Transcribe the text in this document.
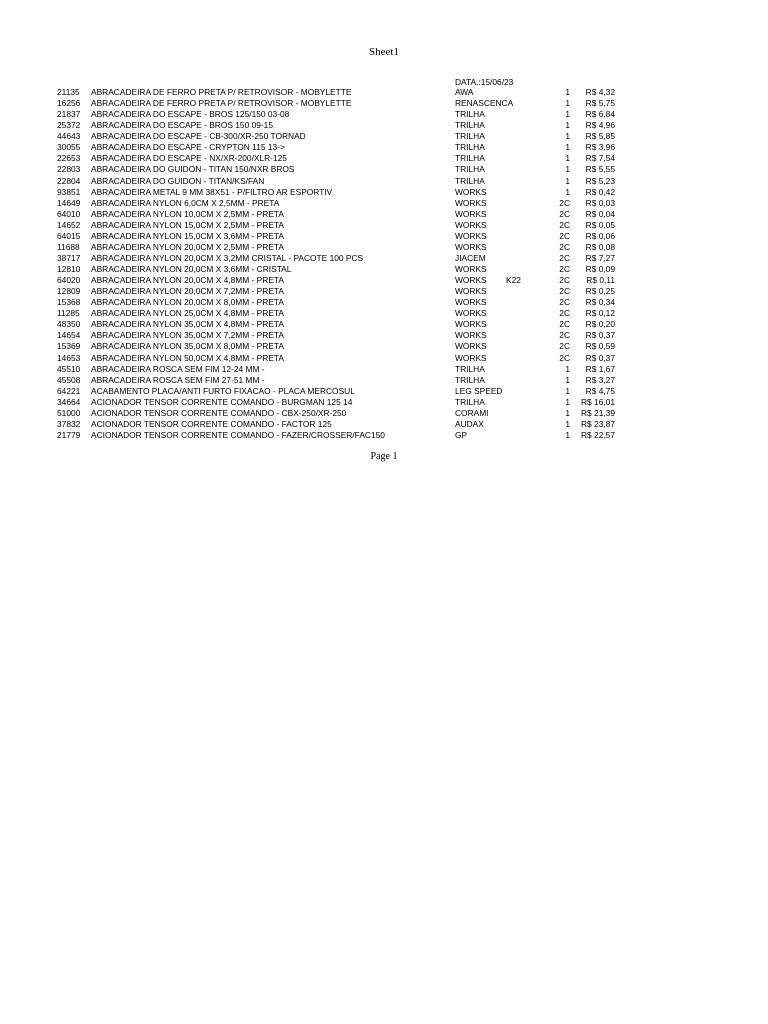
Sheet1
DATA.:15/06/23
21135 ABRACADEIRA DE FERRO PRETA P/ RETROVISOR - MOBYLETTE	AWA	1	R$ 4,32
16256 ABRACADEIRA DE FERRO PRETA P/ RETROVISOR - MOBYLETTE	RENASCENCA	1	R$ 5,75
21837 ABRACADEIRA DO ESCAPE - BROS 125/150 03-08	TRILHA	1	R$ 6,84
25372 ABRACADEIRA DO ESCAPE - BROS 150 09-15	TRILHA	1	R$ 4,96
44643 ABRACADEIRA DO ESCAPE - CB-300/XR-250 TORNAD	TRILHA	1	R$ 5,85
30055 ABRACADEIRA DO ESCAPE - CRYPTON 115 13->	TRILHA	1	R$ 3,96
22653 ABRACADEIRA DO ESCAPE - NX/XR-200/XLR-125	TRILHA	1	R$ 7,54
22803 ABRACADEIRA DO GUIDON - TITAN 150/NXR BROS	TRILHA	1	R$ 5,55
22804 ABRACADEIRA DO GUIDON - TITAN/KS/FAN	TRILHA	1	R$ 5,23
93851 ABRACADEIRA METAL 9 MM 38X51 - P/FILTRO AR ESPORTIV	WORKS	1	R$ 0,42
14649 ABRACADEIRA NYLON 6,0CM X 2,5MM - PRETA	WORKS	2C	R$ 0,03
64010 ABRACADEIRA NYLON 10,0CM X 2,5MM - PRETA	WORKS	2C	R$ 0,04
14652 ABRACADEIRA NYLON 15,0CM X 2,5MM - PRETA	WORKS	2C	R$ 0,05
64015 ABRACADEIRA NYLON 15,0CM X 3,6MM - PRETA	WORKS	2C	R$ 0,06
11688 ABRACADEIRA NYLON 20,0CM X 2,5MM - PRETA	WORKS	2C	R$ 0,08
38717 ABRACADEIRA NYLON 20,0CM X 3,2MM CRISTAL - PACOTE 100 PCS	JIACEM	2C	R$ 7,27
12810 ABRACADEIRA NYLON 20,0CM X 3,6MM - CRISTAL	WORKS	2C	R$ 0,09
64020 ABRACADEIRA NYLON 20,0CM X 4,8MM - PRETA	WORKS K22	2C	R$ 0,11
12809 ABRACADEIRA NYLON 20,0CM X 7,2MM - PRETA	WORKS	2C	R$ 0,25
15368 ABRACADEIRA NYLON 20,0CM X 8,0MM - PRETA	WORKS	2C	R$ 0,34
11285 ABRACADEIRA NYLON 25,0CM X 4,8MM - PRETA	WORKS	2C	R$ 0,12
48350 ABRACADEIRA NYLON 35,0CM X 4,8MM - PRETA	WORKS	2C	R$ 0,20
14654 ABRACADEIRA NYLON 35,0CM X 7,2MM - PRETA	WORKS	2C	R$ 0,37
15369 ABRACADEIRA NYLON 35,0CM X 8,0MM - PRETA	WORKS	2C	R$ 0,59
14653 ABRACADEIRA NYLON 50,0CM X 4,8MM - PRETA	WORKS	2C	R$ 0,37
45510 ABRACADEIRA ROSCA SEM FIM 12-24 MM -	TRILHA	1	R$ 1,67
45508 ABRACADEIRA ROSCA SEM FIM 27-51 MM -	TRILHA	1	R$ 3,27
64221 ACABAMENTO PLACA/ANTI FURTO FIXACAO - PLACA MERCOSUL	LEG SPEED	1	R$ 4,75
34664 ACIONADOR TENSOR CORRENTE COMANDO - BURGMAN 125 14	TRILHA	1	R$ 16,01
51000 ACIONADOR TENSOR CORRENTE COMANDO - CBX-250/XR-250	CORAMI	1	R$ 21,39
37832 ACIONADOR TENSOR CORRENTE COMANDO - FACTOR 125	AUDAX	1	R$ 23,87
21779 ACIONADOR TENSOR CORRENTE COMANDO - FAZER/CROSSER/FAC150	GP	1	R$ 22,57
Page 1
